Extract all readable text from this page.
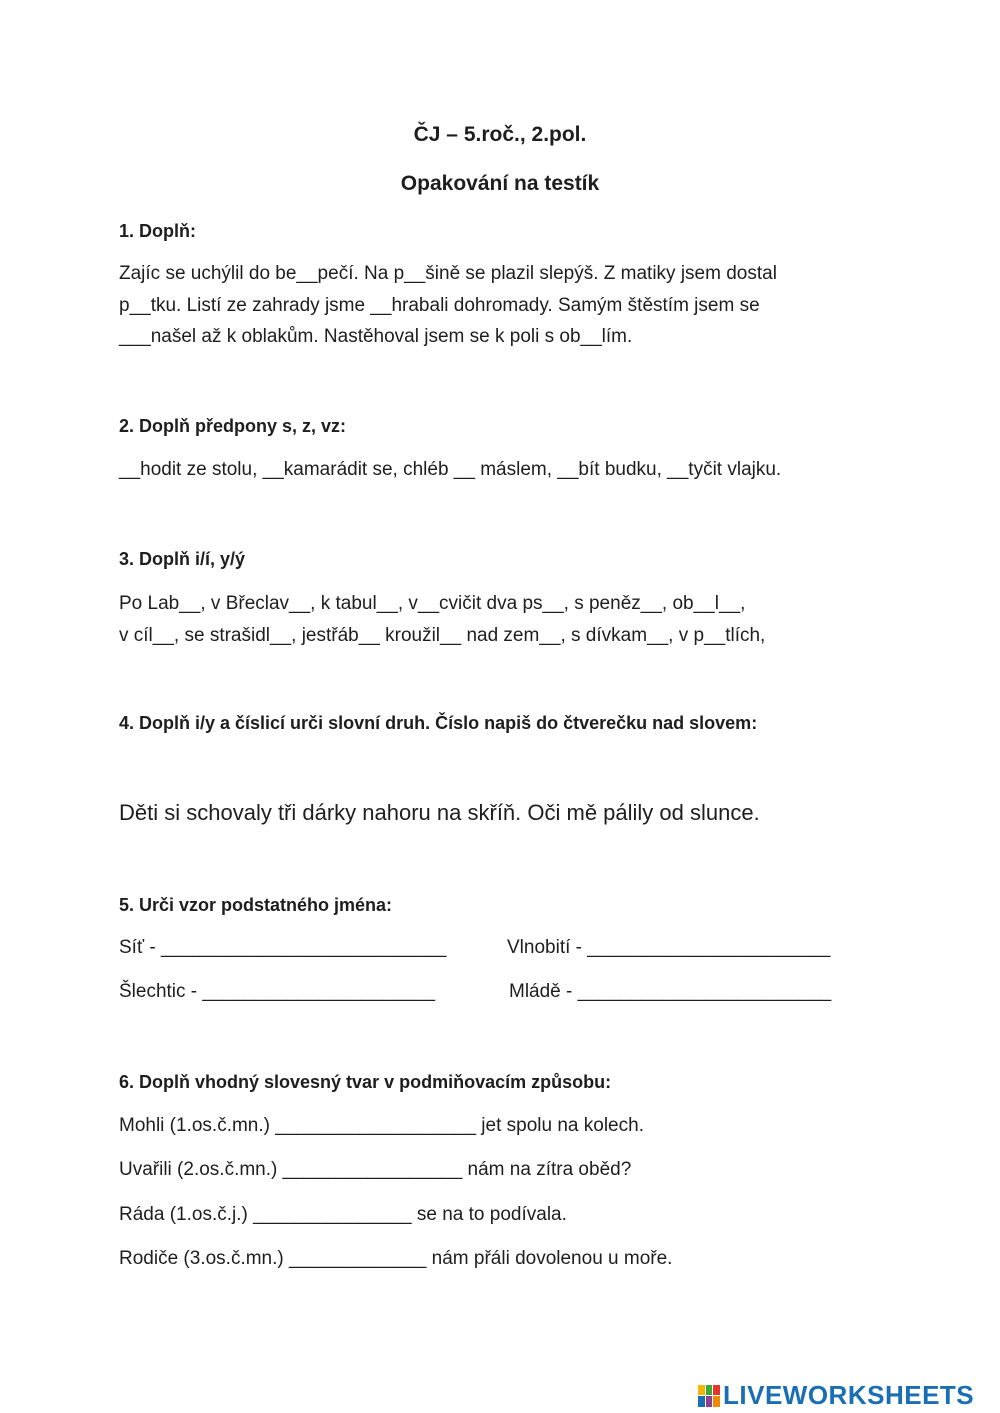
ČJ – 5.roč., 2.pol.
Opakování na testík
1. Doplň:
Zajíc se uchýlil do be__pečí. Na p__šině se plazil slepýš. Z matiky jsem dostal
p__tku. Listí ze zahrady jsme __hrabali dohromady. Samým štěstím jsem se
___našel až k oblakům. Nastěhoval jsem se k poli s ob__lím.
2. Doplň předpony s, z, vz:
__hodit ze stolu, __kamarádit se, chléb __ máslem, __bít budku, __tyčit vlajku.
3. Doplň i/í, y/ý
Po Lab__, v Břeclav__, k tabul__, v__cvičit dva ps__, s peněz__, ob__l__,
v cíl__, se strašidl__, jestřáb__ kroužil__ nad zem__, s dívkam__, v p__tlích,
4. Doplň i/y a číslicí urči slovní druh. Číslo napiš do čtverečku nad slovem:
Děti si schovaly tři dárky nahoru na skříň. Oči mě pálily od slunce.
5. Urči vzor podstatného jména:
Síť - ___________________________	Vlnobití - _______________________
Šlechtic - ______________________	Mládě - ________________________
6. Doplň vhodný slovesný tvar v podmiňovacím způsobu:
Mohli (1.os.č.mn.) ___________________ jet spolu na kolech.
Uvařili (2.os.č.mn.) _________________ nám na zítra oběd?
Ráda (1.os.č.j.) _______________ se na to podívala.
Rodiče (3.os.č.mn.) _____________ nám přáli dovolenou u moře.
LIVEWORKSHEETS
